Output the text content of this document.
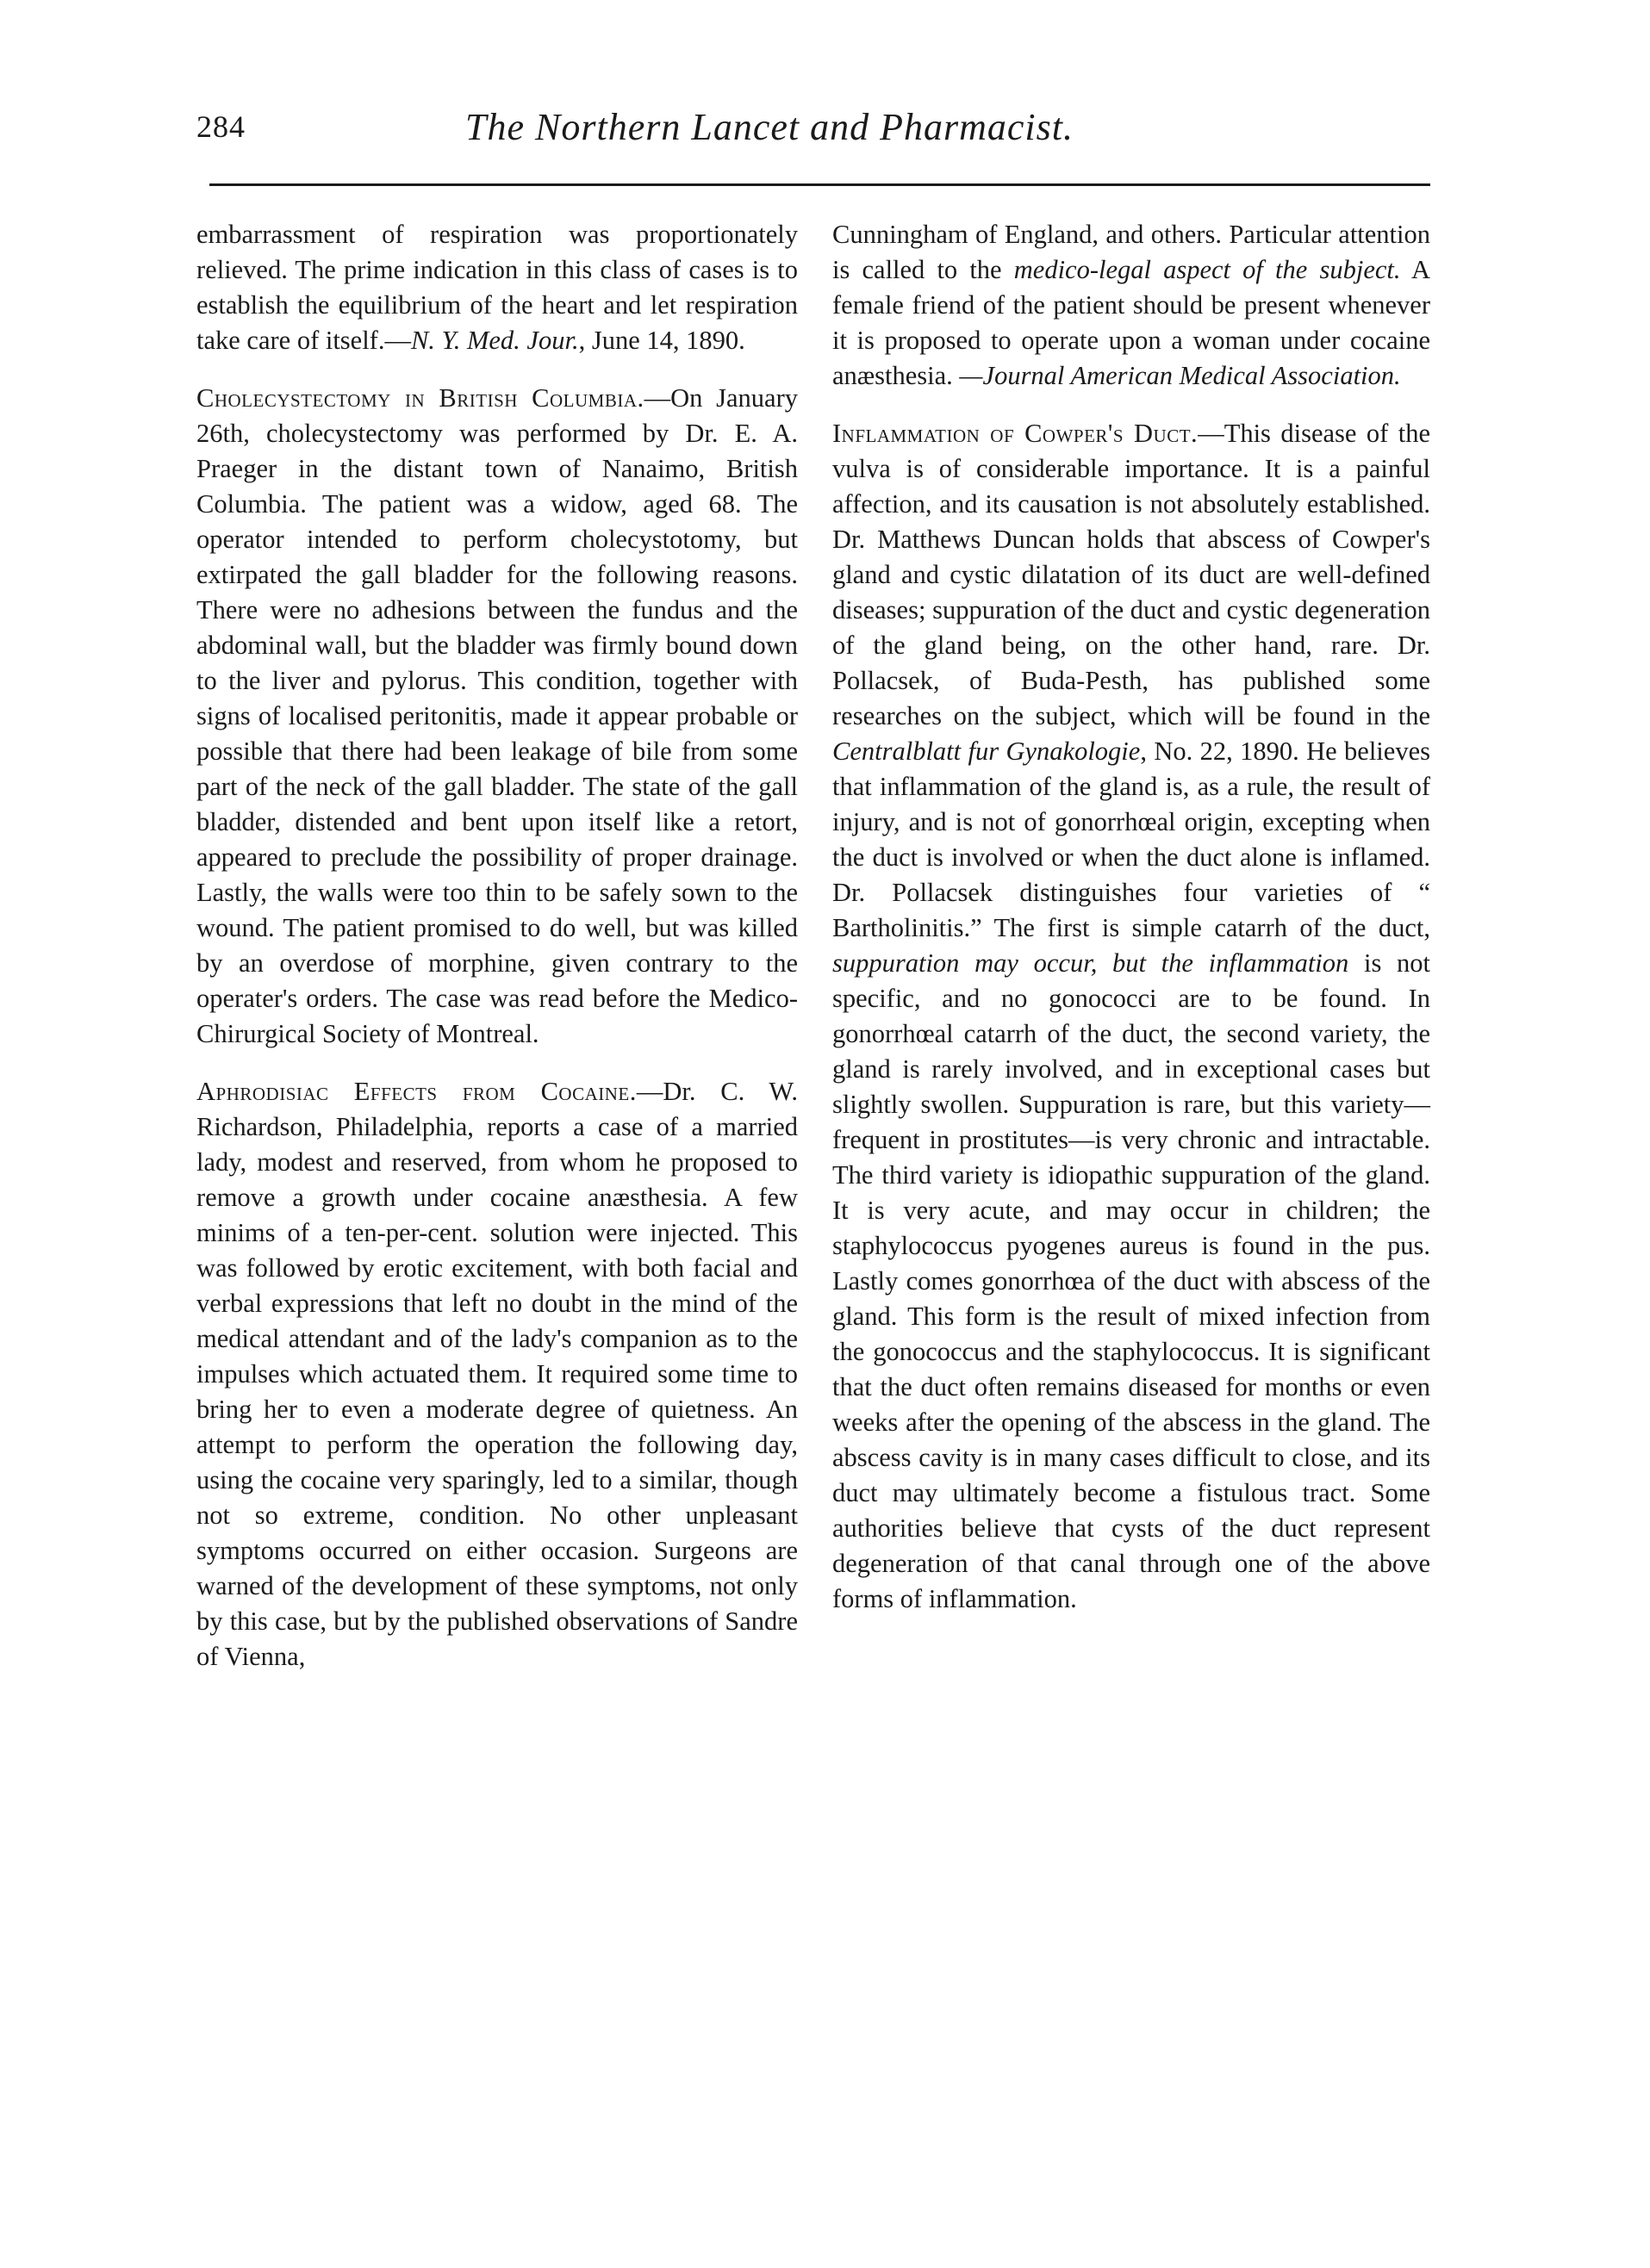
284	The Northern Lancet and Pharmacist.

embarrassment of respiration was proportionately relieved. The prime indication in this class of cases is to establish the equilibrium of the heart and let respiration take care of itself.—N. Y. Med. Jour., June 14, 1890.

Cholecystectomy in British Columbia.—On January 26th, cholecystectomy was performed by Dr. E. A. Praeger in the distant town of Nanaimo, British Columbia. The patient was a widow, aged 68. The operator intended to perform cholecystotomy, but extirpated the gall bladder for the following reasons. There were no adhesions between the fundus and the abdominal wall, but the bladder was firmly bound down to the liver and pylorus. This condition, together with signs of localised peritonitis, made it appear probable or possible that there had been leakage of bile from some part of the neck of the gall bladder. The state of the gall bladder, distended and bent upon itself like a retort, appeared to preclude the possibility of proper drainage. Lastly, the walls were too thin to be safely sown to the wound. The patient promised to do well, but was killed by an overdose of morphine, given contrary to the operater's orders. The case was read before the Medico-Chirurgical Society of Montreal.

Aphrodisiac Effects from Cocaine.—Dr. C. W. Richardson, Philadelphia, reports a case of a married lady, modest and reserved, from whom he proposed to remove a growth under cocaine anæsthesia. A few minims of a ten-per-cent. solution were injected. This was followed by erotic excitement, with both facial and verbal expressions that left no doubt in the mind of the medical attendant and of the lady's companion as to the impulses which actuated them. It required some time to bring her to even a moderate degree of quietness. An attempt to perform the operation the following day, using the cocaine very sparingly, led to a similar, though not so extreme, condition. No other unpleasant symptoms occurred on either occasion. Surgeons are warned of the development of these symptoms, not only by this case, but by the published observations of Sandre of Vienna,

Cunningham of England, and others. Particular attention is called to the medico-legal aspect of the subject. A female friend of the patient should be present whenever it is proposed to operate upon a woman under cocaine anæsthesia. —Journal American Medical Association.

Inflammation of Cowper's Duct.—This disease of the vulva is of considerable importance. It is a painful affection, and its causation is not absolutely established. Dr. Matthews Duncan holds that abscess of Cowper's gland and cystic dilatation of its duct are well-defined diseases; suppuration of the duct and cystic degeneration of the gland being, on the other hand, rare. Dr. Pollacsek, of Buda-Pesth, has published some researches on the subject, which will be found in the Centralblatt fur Gynakologie, No. 22, 1890. He believes that inflammation of the gland is, as a rule, the result of injury, and is not of gonorrhœal origin, excepting when the duct is involved or when the duct alone is inflamed. Dr. Pollacsek distinguishes four varieties of “ Bartholinitis.” The first is simple catarrh of the duct, suppuration may occur, but the inflammation is not specific, and no gonococci are to be found. In gonorrhœal catarrh of the duct, the second variety, the gland is rarely involved, and in exceptional cases but slightly swollen. Suppuration is rare, but this variety—frequent in prostitutes—is very chronic and intractable. The third variety is idiopathic suppuration of the gland. It is very acute, and may occur in children; the staphylococcus pyogenes aureus is found in the pus. Lastly comes gonorrhœa of the duct with abscess of the gland. This form is the result of mixed infection from the gonococcus and the staphylococcus. It is significant that the duct often remains diseased for months or even weeks after the opening of the abscess in the gland. The abscess cavity is in many cases difficult to close, and its duct may ultimately become a fistulous tract. Some authorities believe that cysts of the duct represent degeneration of that canal through one of the above forms of inflammation.
